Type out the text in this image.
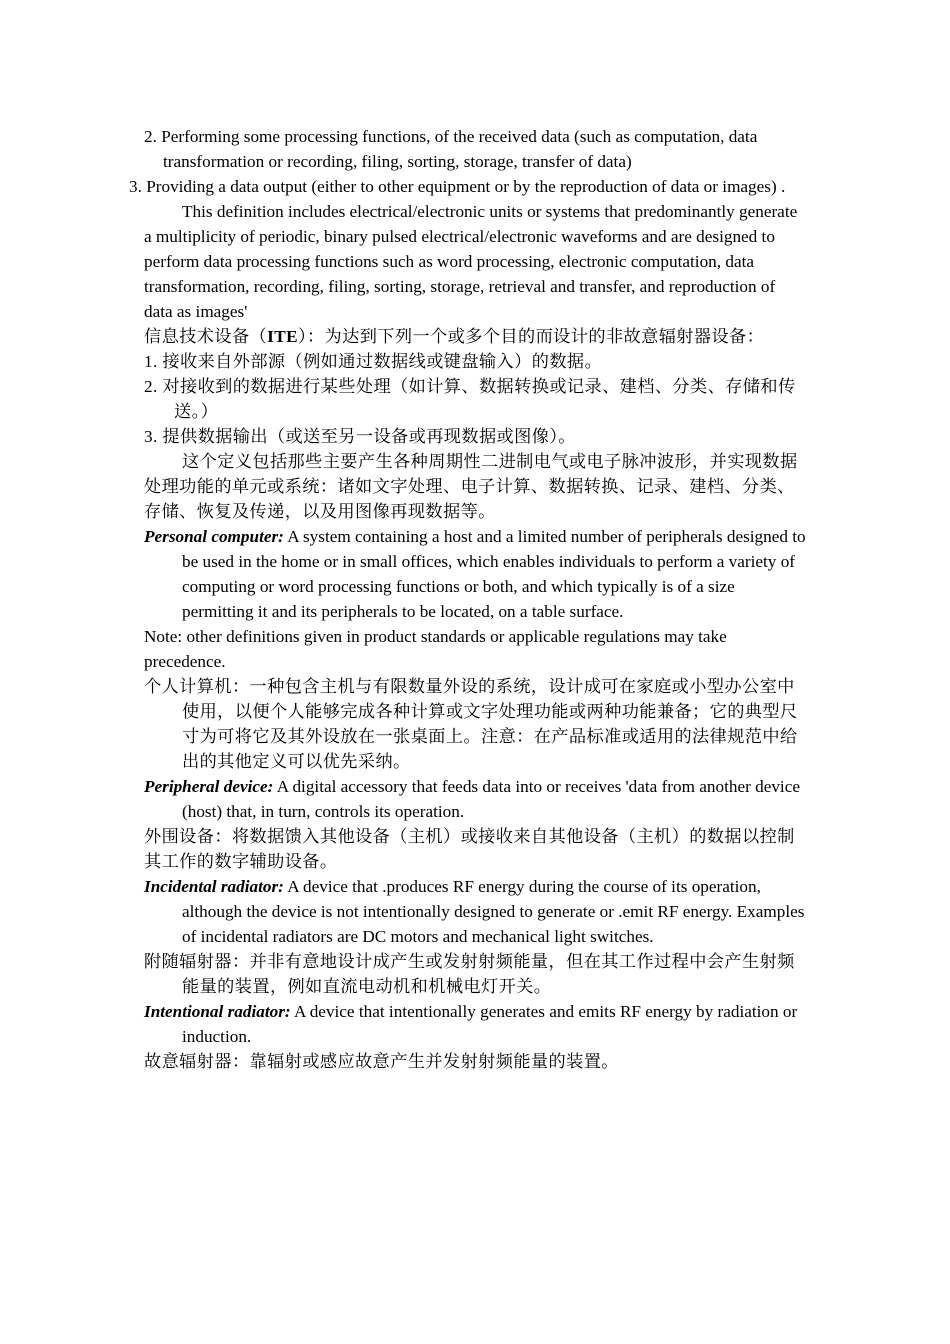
2. Performing some processing functions, of the received data (such as computation, data transformation or recording, filing, sorting, storage, transfer of data)

3. Providing a data output (either to other equipment or by the reproduction of data or images) .

This definition includes electrical/electronic units or systems that predominantly generate a multiplicity of periodic, binary pulsed electrical/electronic waveforms and are designed to perform data processing functions such as word processing, electronic computation, data transformation, recording, filing, sorting, storage, retrieval and transfer, and reproduction of data as images'

信息技术设备（ITE）：为达到下列一个或多个目的而设计的非故意辐射器设备：

1. 接收来自外部源（例如通过数据线或键盘输入）的数据。

2. 对接收到的数据进行某些处理（如计算、数据转换或记录、建档、分类、存储和传送。）

3. 提供数据输出（或送至另一设备或再现数据或图像）。

这个定义包括那些主要产生各种周期性二进制电气或电子脉冲波形，并实现数据处理功能的单元或系统：诸如文字处理、电子计算、数据转换、记录、建档、分类、存储、恢复及传递，以及用图像再现数据等。

Personal computer: A system containing a host and a limited number of peripherals designed to be used in the home or in small offices, which enables individuals to perform a variety of computing or word processing functions or both, and which typically is of a size permitting it and its peripherals to be located, on a table surface.

Note: other definitions given in product standards or applicable regulations may take precedence.

个人计算机：一种包含主机与有限数量外设的系统，设计成可在家庭或小型办公室中使用，以便个人能够完成各种计算或文字处理功能或两种功能兼备；它的典型尺寸为可将它及其外设放在一张桌面上。注意：在产品标准或适用的法律规范中给出的其他定义可以优先采纳。

Peripheral device: A digital accessory that feeds data into or receives 'data from another device (host) that, in turn, controls its operation.

外围设备：将数据馈入其他设备（主机）或接收来自其他设备（主机）的数据以控制其工作的数字辅助设备。

Incidental radiator: A device that .produces RF energy during the course of its operation, although the device is not intentionally designed to generate or .emit RF energy. Examples of incidental radiators are DC motors and mechanical light switches.

附随辐射器：并非有意地设计成产生或发射射频能量，但在其工作过程中会产生射频能量的装置，例如直流电动机和机械电灯开关。

Intentional radiator: A device that intentionally generates and emits RF energy by radiation or induction.

故意辐射器：靠辐射或感应故意产生并发射射频能量的装置。
